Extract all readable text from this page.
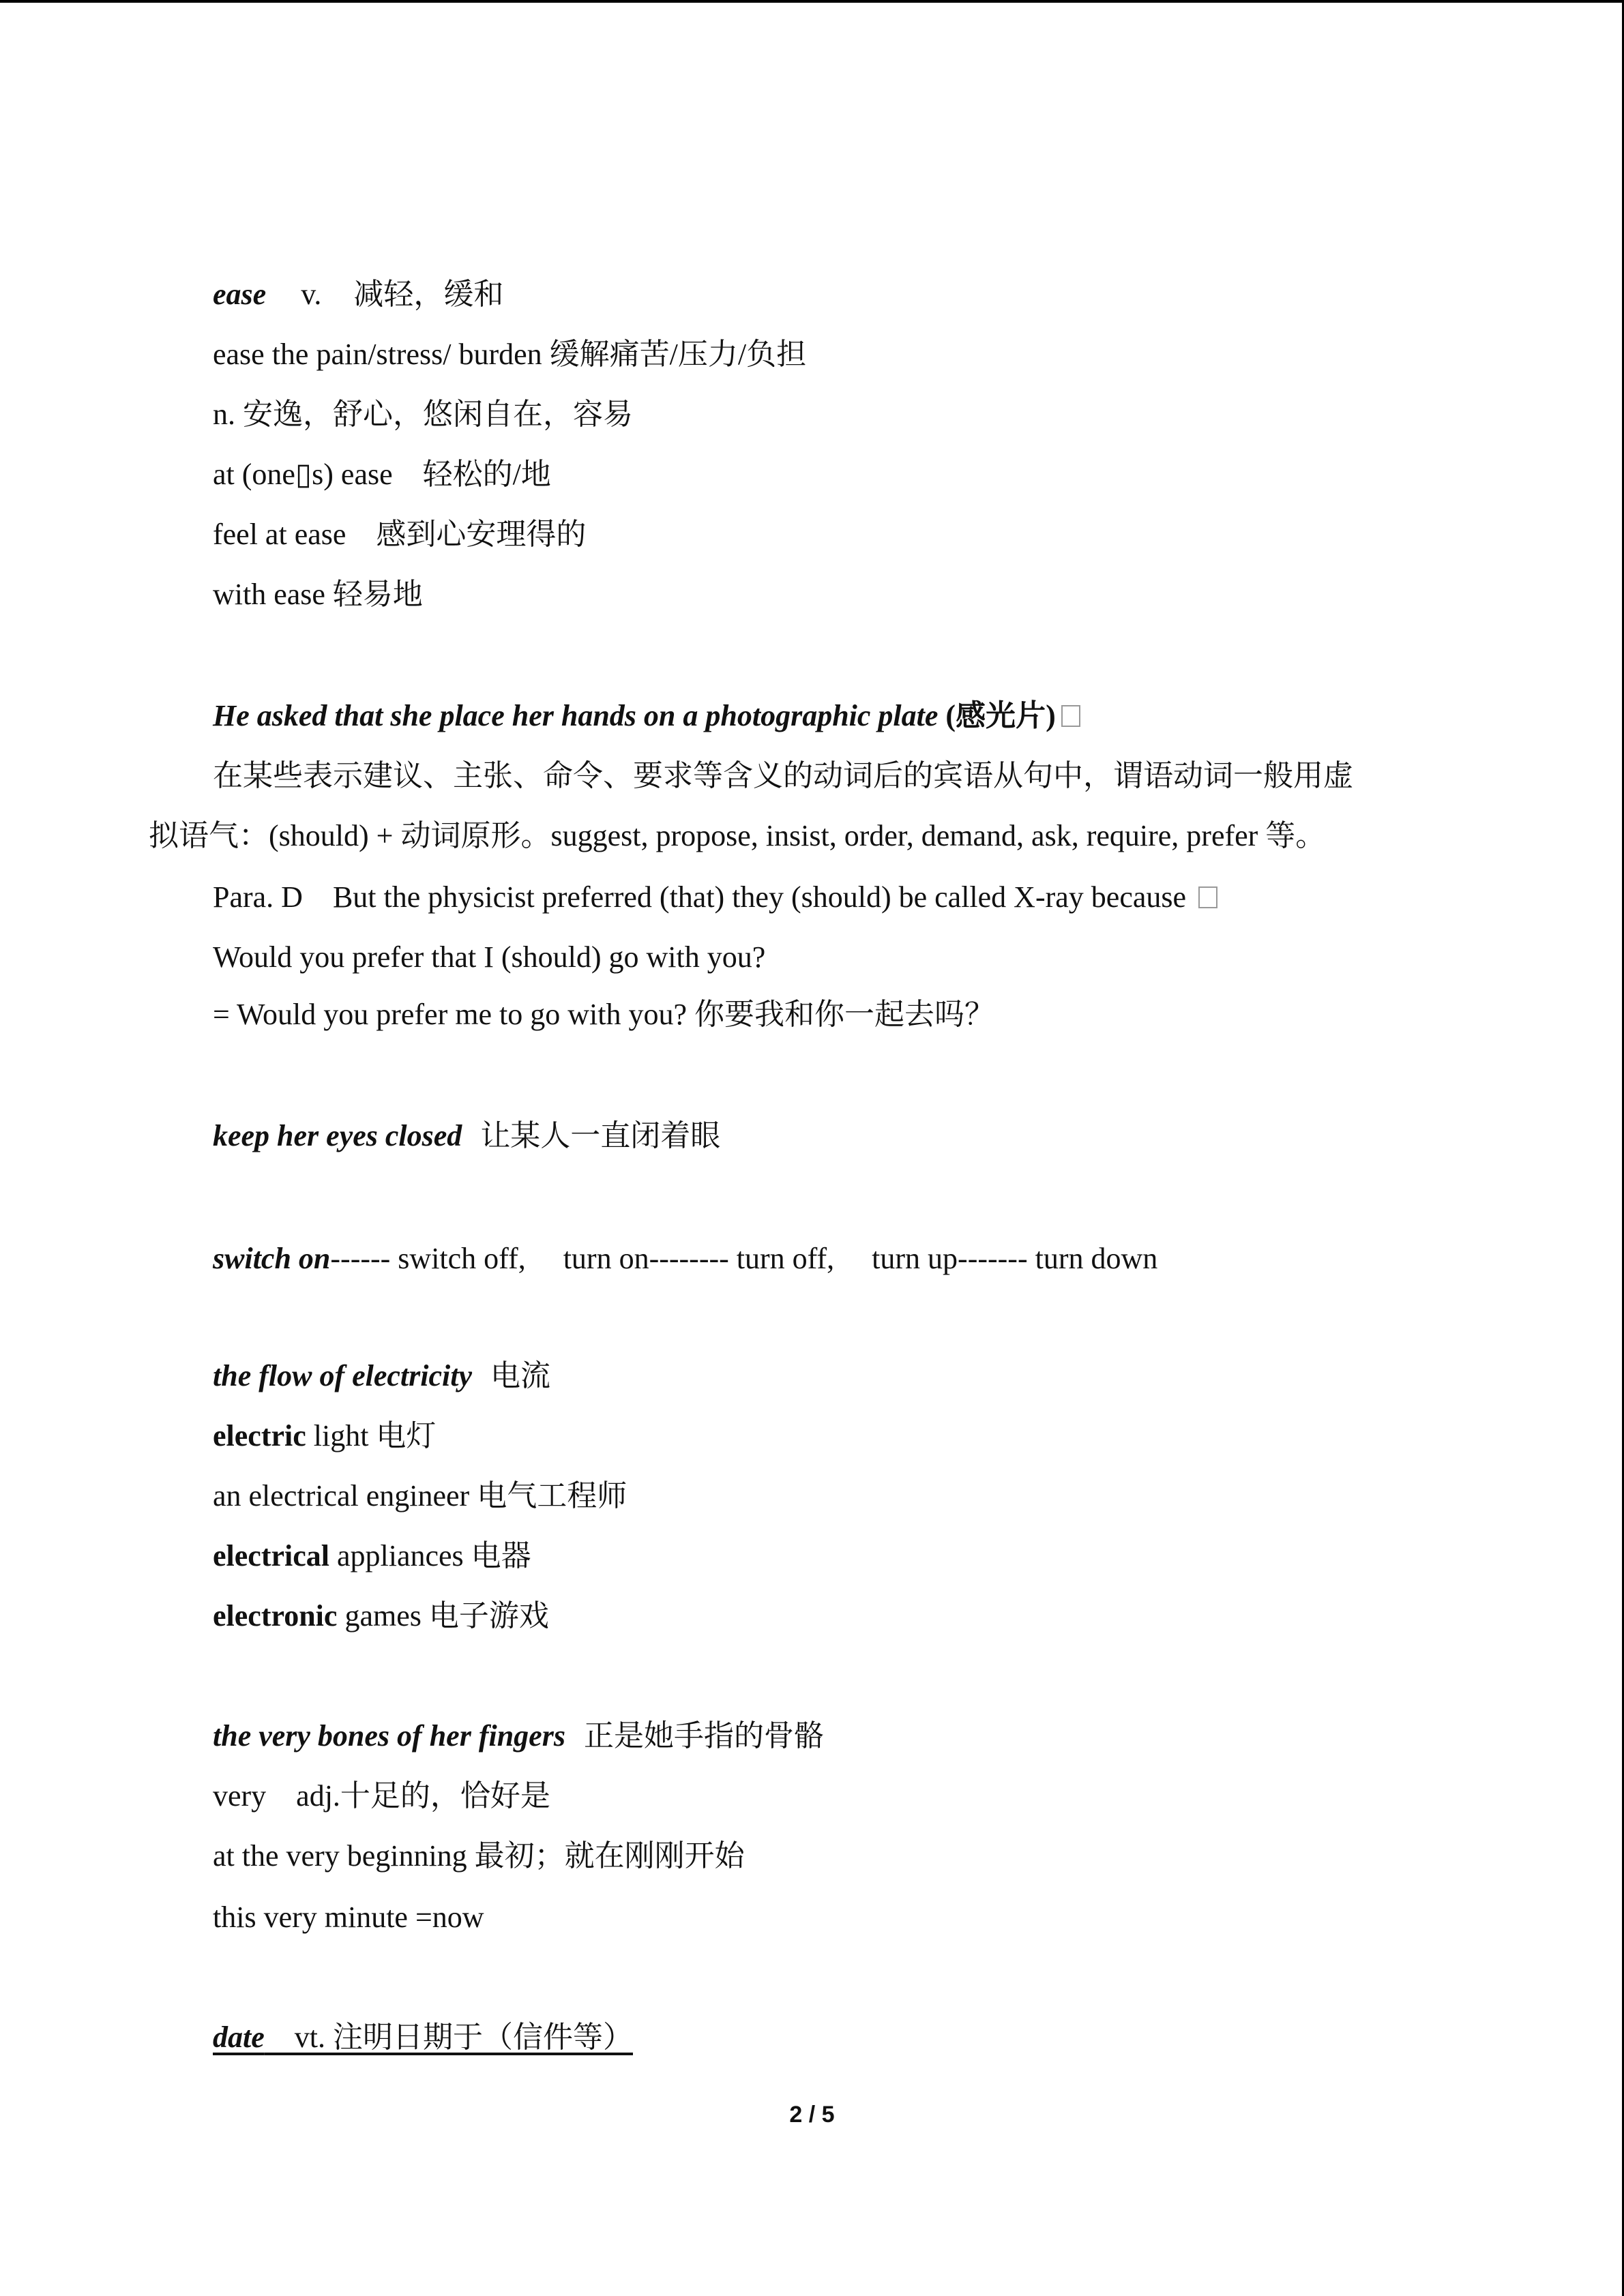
ease v. 减轻，缓和
ease the pain/stress/ burden 缓解痛苦/压力/负担
n. 安逸，舒心，悠闲自在，容易
at (one▯s) ease　轻松的/地
feel at ease　感到心安理得的
with ease 轻易地
He asked that she place her hands on a photographic plate (感光片)
在某些表示建议、主张、命令、要求等含义的动词后的宾语从句中，谓语动词一般用虚
拟语气：(should) + 动词原形。suggest, propose, insist, order, demand, ask, require, prefer 等。
Para. D　But the physicist preferred (that) they (should) be called X-ray because
Would you prefer that I (should) go with you?
= Would you prefer me to go with you? 你要我和你一起去吗？
keep her eyes closed 让某人一直闭着眼
switch on------ switch off,　 turn on-------- turn off,　 turn up------- turn down
the flow of electricity 电流
electric light 电灯
an electrical engineer 电气工程师
electrical appliances 电器
electronic games 电子游戏
the very bones of her fingers 正是她手指的骨骼
very　adj.十足的，恰好是
at the very beginning 最初；就在刚刚开始
this very minute =now
date　vt. 注明日期于（信件等）
2 / 5
